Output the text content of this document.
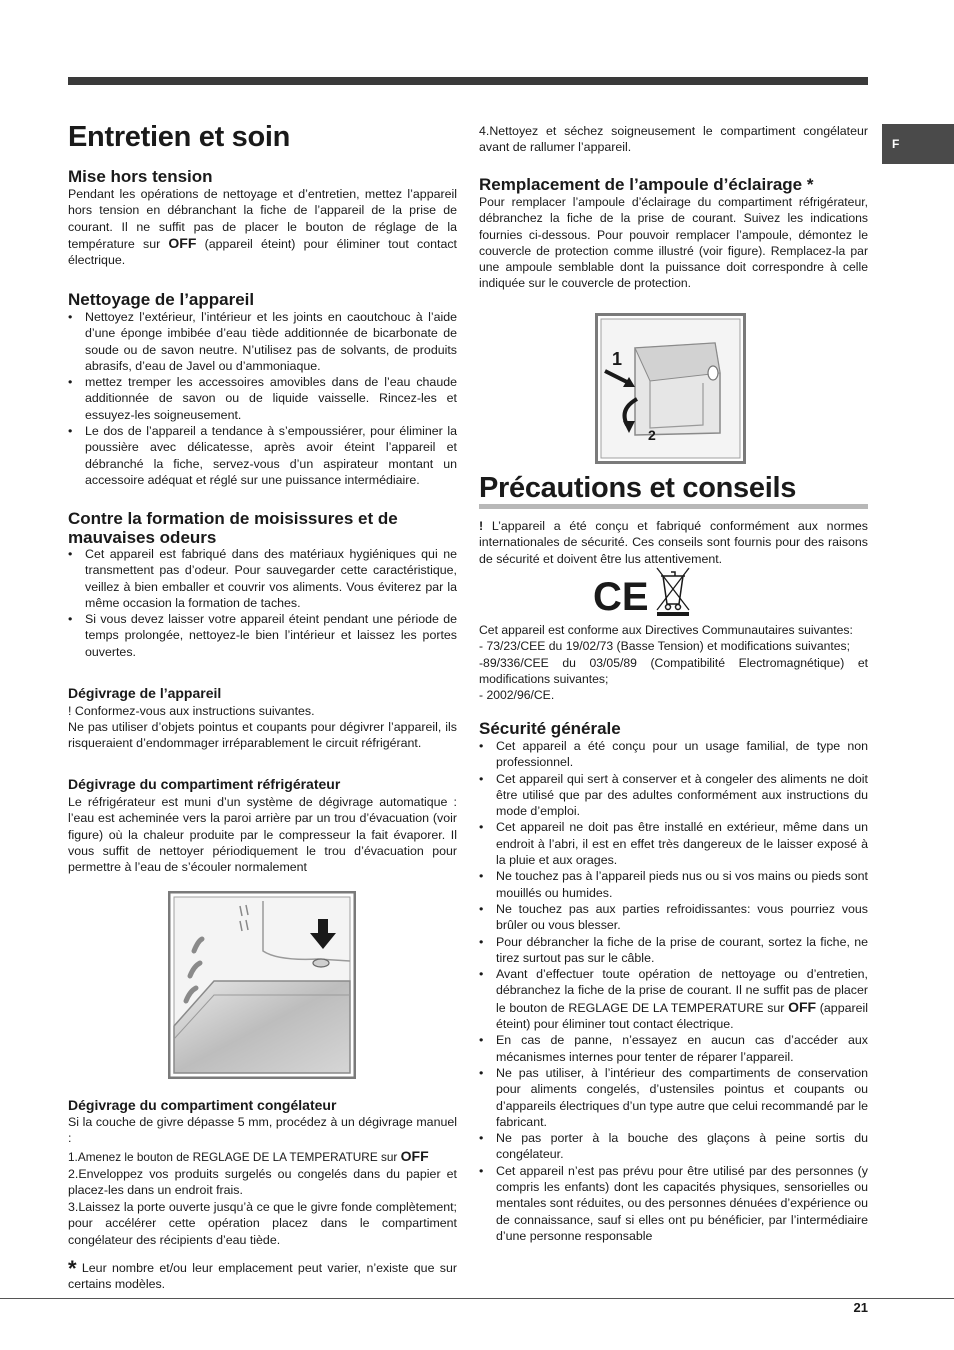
F
Entretien et soin
Mise hors tension

Pendant les opérations de nettoyage et d’entretien, mettez l’appareil hors tension en débranchant la fiche de l’appareil de la prise de courant. Il ne suffit pas de placer le bouton de réglage de la température sur OFF (appareil éteint) pour éliminer tout contact électrique.

Nettoyage de l’appareil
• Nettoyez l’extérieur, l’intérieur et les joints en caoutchouc à l’aide d’une éponge imbibée d’eau tiède additionnée de bicarbonate de soude ou de savon neutre. N’utilisez pas de solvants, de produits abrasifs, d’eau de Javel ou d’ammoniaque.
• mettez tremper les accessoires amovibles dans de l’eau chaude additionnée de savon ou de liquide vaisselle. Rincez-les et essuyez-les soigneusement.
• Le dos de l’appareil a tendance à s’empoussiérer, pour éliminer la poussière avec délicatesse, après avoir éteint l’appareil et débranché la fiche, servez-vous d’un aspirateur montant un accessoire adéquat et réglé sur une puissance intermédiaire.
Contre la formation de moisissures et de mauvaises odeurs
• Cet appareil est fabriqué dans des matériaux hygiéniques qui ne transmettent pas d’odeur. Pour sauvegarder cette caractéristique, veillez à bien emballer et couvrir vos aliments. Vous éviterez par la même occasion la formation de taches.
• Si vous devez laisser votre appareil éteint pendant une période de temps prolongée, nettoyez-le bien l’intérieur et laissez les portes ouvertes.
Dégivrage de l’appareil

! Conformez-vous aux instructions suivantes.

Ne pas utiliser d’objets pointus et coupants pour dégivrer l’appareil, ils risqueraient d’endommager irréparablement le circuit réfrigérant.

Dégivrage du compartiment réfrigérateur

Le réfrigérateur est muni d’un système de dégivrage automatique : l’eau est acheminée vers la paroi arrière par un trou d’évacuation (voir figure) où la chaleur produite par le compresseur la fait évaporer. Il vous suffit de nettoyer périodiquement le trou d’évacuation pour permettre à l’eau de s’écouler normalement

Dégivrage du compartiment congélateur

Si la couche de givre dépasse 5 mm, procédez à un dégivrage manuel :

1.Amenez le bouton de REGLAGE DE LA TEMPERATURE sur OFF

2.Enveloppez vos produits surgelés ou congelés dans du papier et placez-les dans un endroit frais.

3.Laissez la porte ouverte jusqu’à ce que le givre fonde complètement; pour accélérer cette opération placez dans le compartiment congélateur des récipients d’eau tiède.

* Leur nombre et/ou leur emplacement peut varier, n’existe que sur certains modèles.

4.Nettoyez et séchez soigneusement le compartiment congélateur avant de rallumer l’appareil.

Remplacement de l’ampoule d’éclairage *

Pour remplacer l’ampoule d’éclairage du compartiment réfrigérateur, débranchez la fiche de la prise de courant. Suivez les indications fournies ci-dessous. Pour pouvoir remplacer l’ampoule, démontez le couvercle de protection comme illustré (voir figure). Remplacez-la par une ampoule semblable dont la puissance doit correspondre à celle indiquée sur le couvercle de protection.

1
2
Précautions et conseils

! L’appareil a été conçu et fabriqué conformément aux normes internationales de sécurité. Ces conseils sont fournis pour des raisons de sécurité et doivent être lus attentivement.

CE

Cet appareil est conforme aux Directives Communautaires suivantes:

- 73/23/CEE du 19/02/73 (Basse Tension) et modifications suivantes;

-89/336/CEE du 03/05/89 (Compatibilité Electromagnétique) et modifications suivantes;

- 2002/96/CE.

Sécurité générale
• Cet appareil a été conçu pour un usage familial, de type non professionnel.
• Cet appareil qui sert à conserver et à congeler des aliments ne doit être utilisé que par des adultes conformément aux instructions du mode d’emploi.
• Cet appareil ne doit pas être installé en extérieur, même dans un endroit à l’abri, il est en effet très dangereux de le laisser exposé à la pluie et aux orages.
• Ne touchez pas à l’appareil pieds nus ou si vos mains ou pieds sont mouillés ou humides.
• Ne touchez pas aux parties refroidissantes: vous pourriez vous brûler ou vous blesser.
• Pour débrancher la fiche de la prise de courant, sortez la fiche, ne tirez surtout pas sur le câble.
• Avant d’effectuer toute opération de nettoyage ou d’entretien, débranchez la fiche de la prise de courant. Il ne suffit pas de placer le bouton de REGLAGE DE LA TEMPERATURE sur OFF (appareil éteint) pour éliminer tout contact électrique.
• En cas de panne, n’essayez en aucun cas d’accéder aux mécanismes internes pour tenter de réparer l’appareil.
• Ne pas utiliser, à l’intérieur des compartiments de conservation pour aliments congelés, d’ustensiles pointus et coupants ou d’appareils électriques d’un type autre que celui recommandé par le fabricant.
• Ne pas porter à la bouche des glaçons à peine sortis du congélateur.
• Cet appareil n’est pas prévu pour être utilisé par des personnes (y compris les enfants) dont les capacités physiques, sensorielles ou mentales sont réduites, ou des personnes dénuées d’expérience ou de connaissance, sauf si elles ont pu bénéficier, par l’intermédiaire d’une personne responsable
21
